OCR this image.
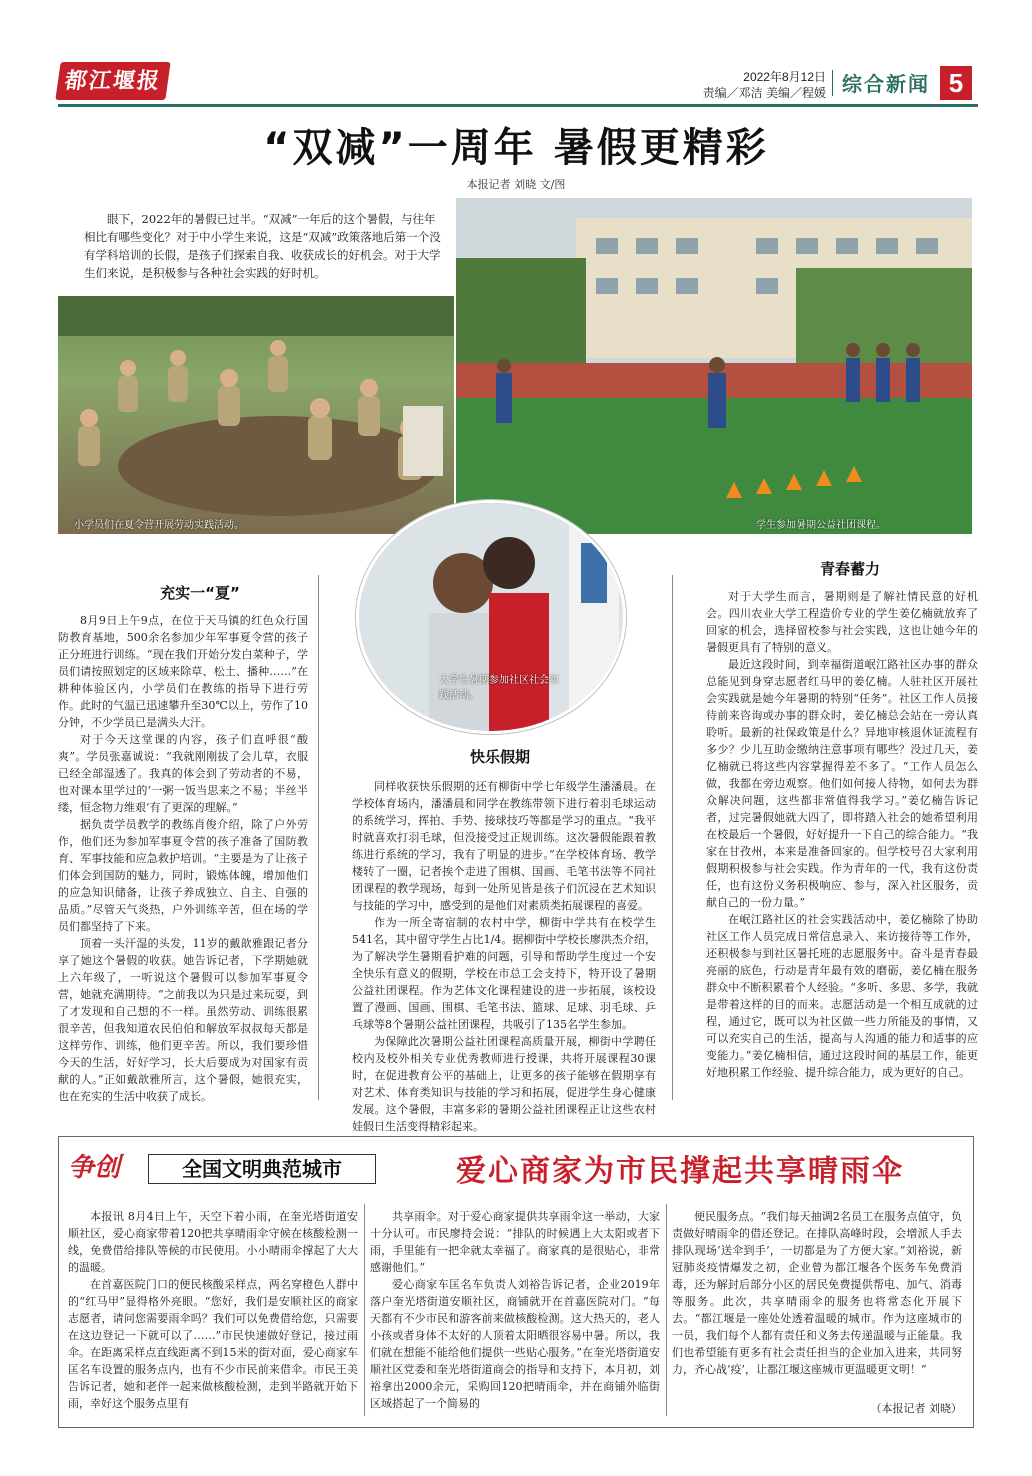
都江堰报	2022年8月12日
责编／邓洁 美编／程媛 综合新闻 5
“双减”一周年 暑假更精彩
本报记者 刘晓 文/图
眼下，2022年的暑假已过半。“双减”一年后的这个暑假，与往年相比有哪些变化？对于中小学生来说，这是“双减”政策落地后第一个没有学科培训的长假，是孩子们探索自我、收获成长的好机会。对于大学生们来说，是积极参与各种社会实践的好时机。
小学员们在夏令营开展劳动实践活动。	学生参加暑期公益社团课程。
大学生暑期参加社区社会实践活动。
充实一“夏”

8月9日上午9点，在位于天马镇的红色众行国防教育基地，500余名参加少年军事夏令营的孩子正分班进行训练。“现在我们开始分发白菜种子，学员们请按照划定的区域来除草、松土、播种……”在耕种体验区内，小学员们在教练的指导下进行劳作。此时的气温已迅速攀升至30℃以上，劳作了10分钟，不少学员已是满头大汗。

对于今天这堂课的内容，孩子们直呼很“酸爽”。学员张嘉诚说：“我就刚刚拔了会儿草，衣服已经全部湿透了。我真的体会到了劳动者的不易，也对课本里学过的‘一粥一饭当思来之不易；半丝半缕，恒念物力维艰’有了更深的理解。”

据负责学员教学的教练肖俊介绍，除了户外劳作，他们还为参加军事夏令营的孩子准备了国防教育、军事技能和应急救护培训。“主要是为了让孩子们体会到国防的魅力，同时，锻炼体魄，增加他们的应急知识储备，让孩子养成独立、自主、自强的品质。”尽管天气炎热，户外训练辛苦，但在场的学员们都坚持了下来。

顶着一头汗湿的头发，11岁的戴歆雅跟记者分享了她这个暑假的收获。她告诉记者，下学期她就上六年级了，一听说这个暑假可以参加军事夏令营，她就充满期待。“之前我以为只是过来玩耍，到了才发现和自己想的不一样。虽然劳动、训练很累很辛苦，但我知道农民伯伯和解放军叔叔每天都是这样劳作、训练，他们更辛苦。所以，我们要珍惜今天的生活，好好学习，长大后要成为对国家有贡献的人。”正如戴歆雅所言，这个暑假，她很充实，也在充实的生活中收获了成长。

快乐假期

同样收获快乐假期的还有柳街中学七年级学生潘潘晨。在学校体育场内，潘潘晨和同学在教练带领下进行着羽毛球运动的系统学习，挥拍、手势、接球技巧等都是学习的重点。“我平时就喜欢打羽毛球，但没接受过正规训练。这次暑假能跟着教练进行系统的学习，我有了明显的进步。”在学校体育场、教学楼转了一圈，记者挨个走进了围棋、国画、毛笔书法等不同社团课程的教学现场，每到一处所见皆是孩子们沉浸在艺术知识与技能的学习中，感受到的是他们对素质类拓展课程的喜爱。

作为一所全寄宿制的农村中学，柳街中学共有在校学生541名，其中留守学生占比1/4。据柳街中学校长廖洪杰介绍，为了解决学生暑期看护难的问题，引导和帮助学生度过一个安全快乐有意义的假期，学校在市总工会支持下，特开设了暑期公益社团课程。作为艺体文化课程建设的进一步拓展，该校设置了漫画、国画、围棋、毛笔书法、篮球、足球、羽毛球、乒乓球等8个暑期公益社团课程，共吸引了135名学生参加。

为保障此次暑期公益社团课程高质量开展，柳街中学聘任校内及校外相关专业优秀教师进行授课，共将开展课程30课时，在促进教育公平的基础上，让更多的孩子能够在假期享有对艺术、体育类知识与技能的学习和拓展，促进学生身心健康发展。这个暑假，丰富多彩的暑期公益社团课程正让这些农村娃假日生活变得精彩起来。

青春蓄力

对于大学生而言，暑期则是了解社情民意的好机会。四川农业大学工程造价专业的学生姜亿楠就放弃了回家的机会，选择留校参与社会实践，这也让她今年的暑假更具有了特别的意义。

最近这段时间，到幸福街道岷江路社区办事的群众总能见到身穿志愿者红马甲的姜亿楠。人驻社区开展社会实践就是她今年暑期的特别“任务”。社区工作人员接待前来咨询或办事的群众时，姜亿楠总会站在一旁认真聆听。最新的社保政策是什么？异地审核退休证流程有多少？少儿互助金缴纳注意事项有哪些？没过几天，姜亿楠就已将这些内容掌握得差不多了。“工作人员怎么做，我都在旁边观察。他们如何接人待物，如何去为群众解决问题，这些都非常值得我学习。”姜亿楠告诉记者，过完暑假她就大四了，即将踏入社会的她希望利用在校最后一个暑假，好好提升一下自己的综合能力。“我家在甘孜州，本来是准备回家的。但学校号召大家利用假期积极参与社会实践。作为青年的一代，我有这份责任，也有这份义务积极响应、参与，深入社区服务，贡献自己的一份力量。”

在岷江路社区的社会实践活动中，姜亿楠除了协助社区工作人员完成日常信息录入、来访接待等工作外，还积极参与到社区暑托班的志愿服务中。奋斗是青春最亮丽的底色，行动是青年最有效的磨砺，姜亿楠在服务群众中不断积累着个人经验。“多听、多思、多学，我就是带着这样的目的而来。志愿活动是一个相互成就的过程，通过它，既可以为社区做一些力所能及的事情，又可以充实自己的生活，提高与人沟通的能力和适事的应变能力。”姜亿楠相信，通过这段时间的基层工作，能更好地积累工作经验、提升综合能力，成为更好的自己。

争创	全国文明典范城市	爱心商家为市民撑起共享晴雨伞

本报讯 8月4日上午，天空下着小雨，在奎光塔街道安顺社区，爱心商家带着120把共享晴雨伞守候在核酸检测一线，免费借给排队等候的市民使用。小小晴雨伞撑起了大大的温暖。

在首嘉医院门口的便民核酸采样点，两名穿橙色人群中的“红马甲”显得格外亮眼。“您好，我们是安顺社区的商家志愿者，请问您需要雨伞吗？我们可以免费借给您，只需要在这边登记一下就可以了……”市民快速做好登记，接过雨伞。在距离采样点直线距离不到15米的街对面，爱心商家车匡名车设置的服务点内，也有不少市民前来借伞。市民王美告诉记者，她和老伴一起来做核酸检测，走到半路就开始下雨，幸好这个服务点里有

共享雨伞。对于爱心商家提供共享雨伞这一举动，大家十分认可。市民廖持会说：“排队的时候遇上大太阳或者下雨，手里能有一把伞就太幸福了。商家真的是很贴心，非常感谢他们。”

爱心商家车匡名车负责人刘裕告诉记者，企业2019年落户奎光塔街道安顺社区，商铺就开在首嘉医院对门。“每天都有不少市民和游客前来做核酸检测。这大热天的，老人小孩或者身体不太好的人顶着太阳晒很容易中暑。所以，我们就在想能不能给他们提供一些贴心服务。”在奎光塔街道安顺社区党委和奎光塔街道商会的指导和支持下，本月初，刘裕拿出2000余元，采购回120把晴雨伞，并在商铺外临街区域搭起了一个简易的

便民服务点。“我们每天抽调2名员工在服务点值守，负责做好晴雨伞的借还登记。在排队高峰时段，会增派人手去排队现场‘送伞到手’，一切都是为了方便大家。”刘裕说，新冠肺炎疫情爆发之初，企业曾为都江堰各个医务车免费消毒，还为解封后部分小区的居民免费提供帮电、加气、消毒等服务。此次，共享晴雨伞的服务也将常态化开展下去。“都江堰是一座处处透着温暖的城市。作为这座城市的一员，我们每个人都有责任和义务去传递温暖与正能量。我们也希望能有更多有社会责任担当的企业加入进来，共同努力，齐心战‘疫’，让都江堰这座城市更温暖更文明！”

（本报记者 刘晓）
